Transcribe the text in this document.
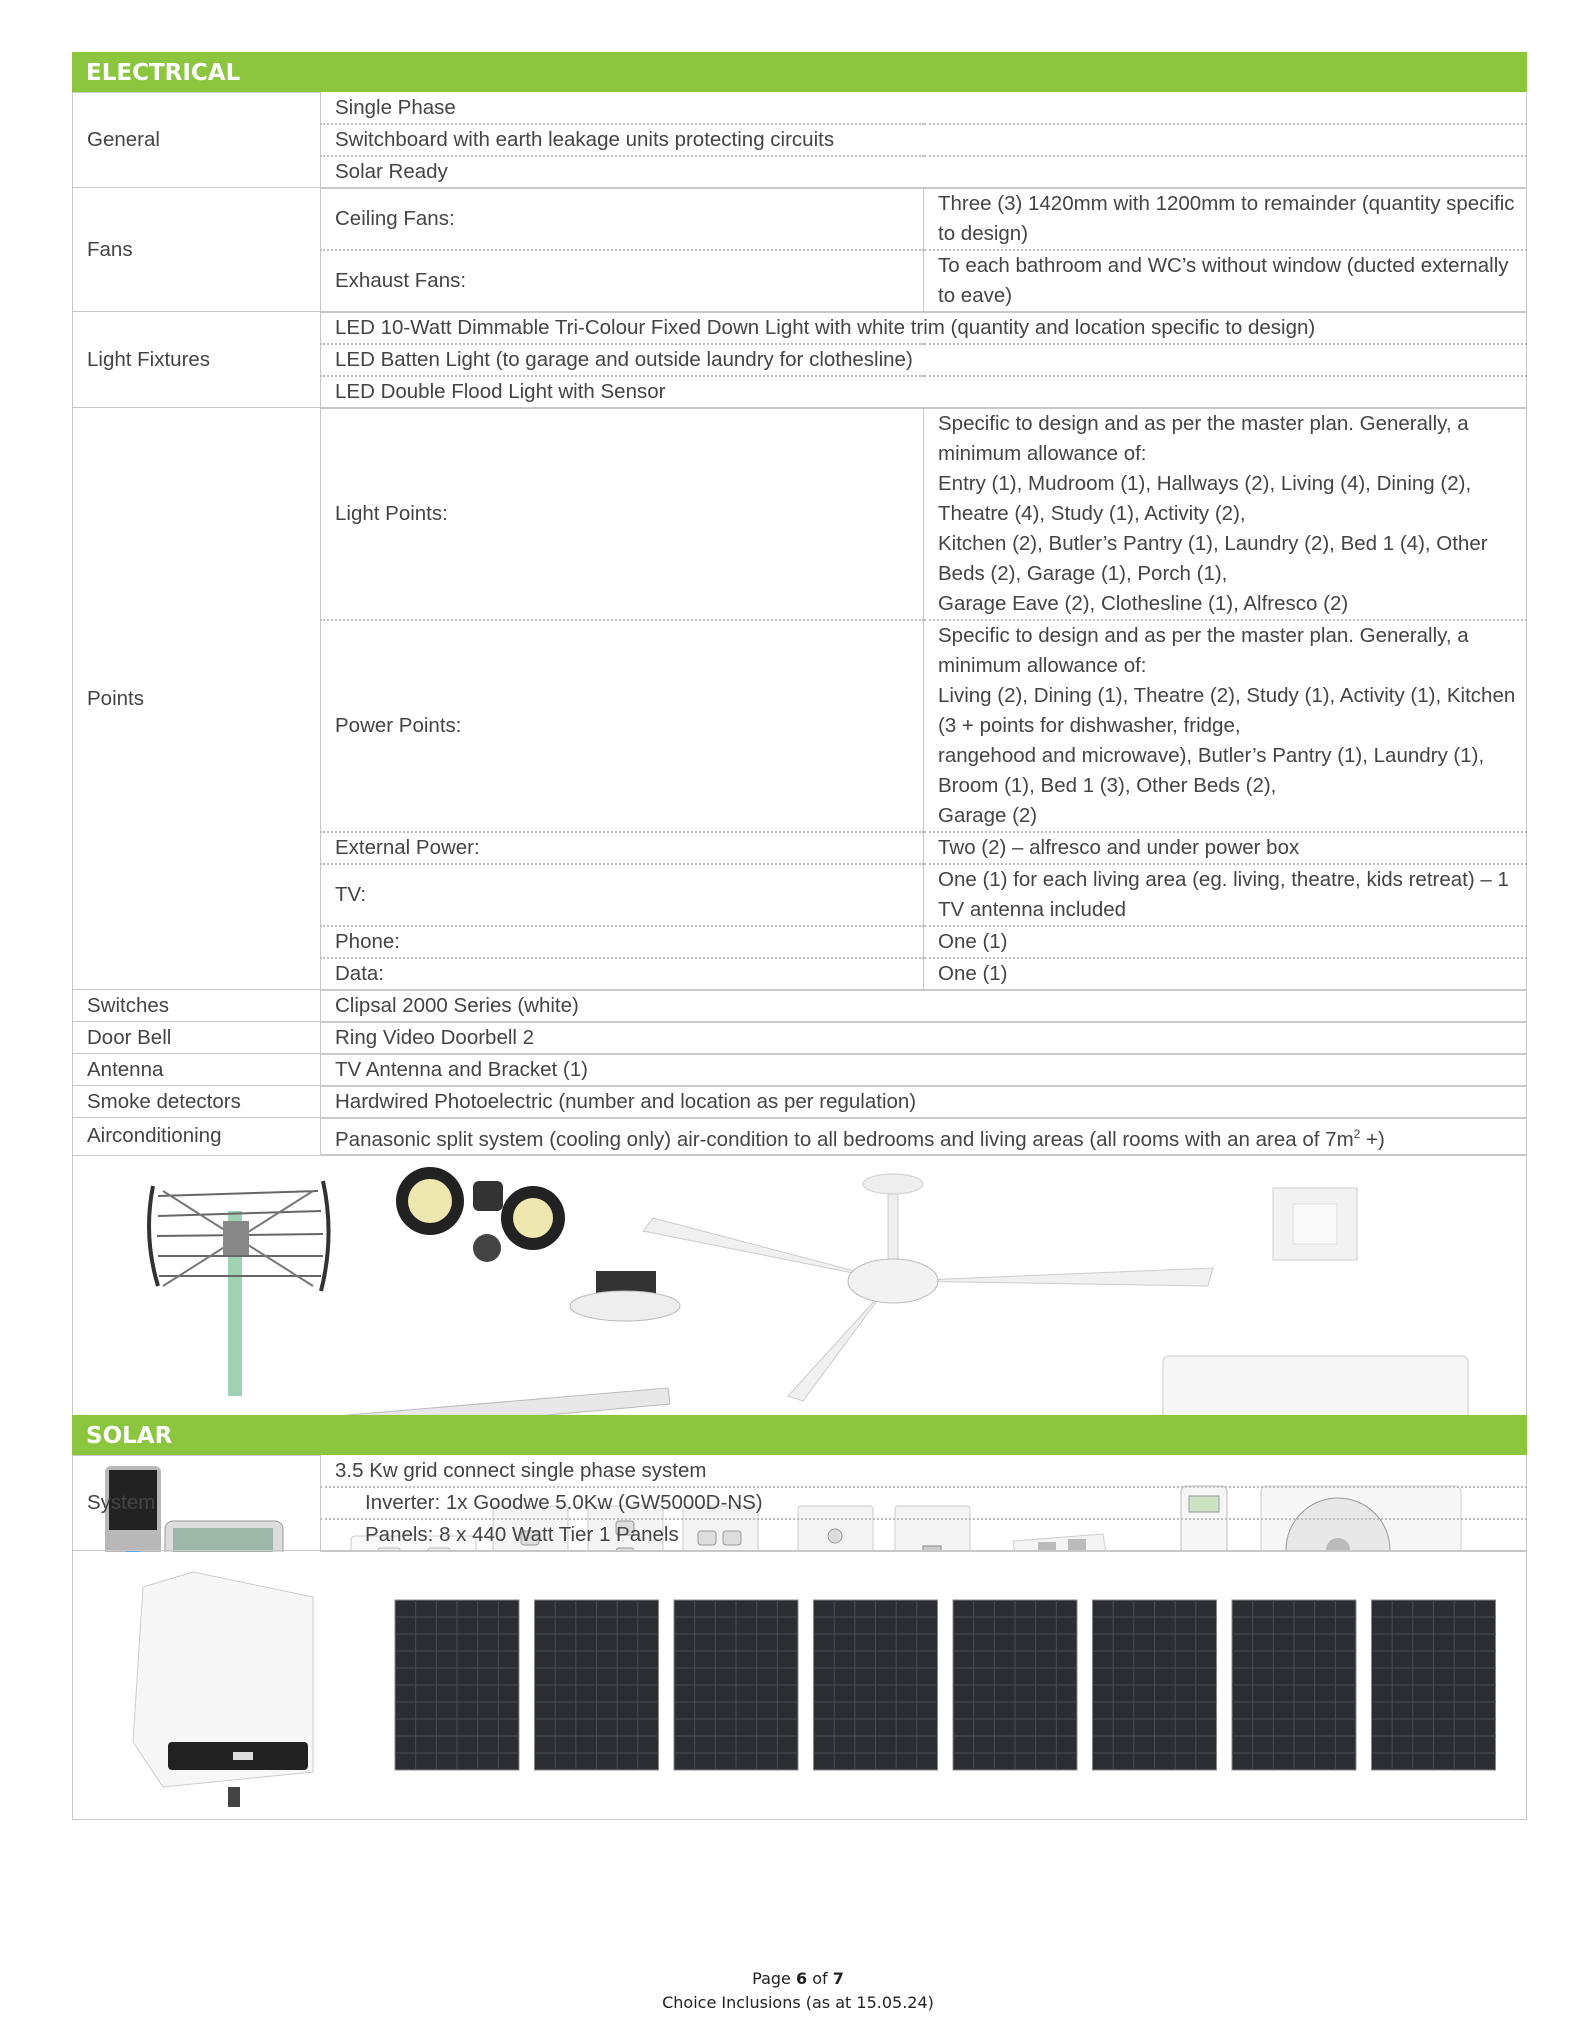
ELECTRICAL
General	Single Phase	
	Switchboard with earth leakage units protecting circuits	
	Solar Ready	
Fans	Ceiling Fans:	Three (3) 1420mm with 1200mm to remainder (quantity specific to design)
	Exhaust Fans:	To each bathroom and WC’s without window (ducted externally to eave)
Light Fixtures	LED 10-Watt Dimmable Tri-Colour Fixed Down Light with white trim (quantity and location specific to design)	
	LED Batten Light (to garage and outside laundry for clothesline)	
	LED Double Flood Light with Sensor	
Points	Light Points:	Specific to design and as per the master plan. Generally, a minimum allowance of:
Entry (1), Mudroom (1), Hallways (2), Living (4), Dining (2), Theatre (4), Study (1), Activity (2),
Kitchen (2), Butler’s Pantry (1), Laundry (2), Bed 1 (4), Other Beds (2), Garage (1), Porch (1),
Garage Eave (2), Clothesline (1), Alfresco (2)

	Power Points:	Specific to design and as per the master plan. Generally, a minimum allowance of:
Living (2), Dining (1), Theatre (2), Study (1), Activity (1), Kitchen (3 + points for dishwasher, fridge,
rangehood and microwave), Butler’s Pantry (1), Laundry (1), Broom (1), Bed 1 (3), Other Beds (2),
Garage (2)

	External Power:	Two (2) – alfresco and under power box
	TV:	One (1) for each living area (eg. living, theatre, kids retreat) – 1 TV antenna included
	Phone:	One (1)
	Data:	One (1)
Switches	Clipsal 2000 Series (white)	
Door Bell	Ring Video Doorbell 2	
Antenna	TV Antenna and Bracket (1)	
Smoke detectors	Hardwired Photoelectric (number and location as per regulation)	
Airconditioning	Panasonic split system (cooling only) air-condition to all bedrooms and living areas (all rooms with an area of $7m^2$ +)	
SOLAR
System	3.5 Kw grid connect single phase system
Inverter: 1x Goodwe 5.0Kw (GW5000D-NS)
Panels: 8 x 440 Watt Tier 1 Panels
Page 6 of 7
Choice Inclusions (as at 15.05.24)
